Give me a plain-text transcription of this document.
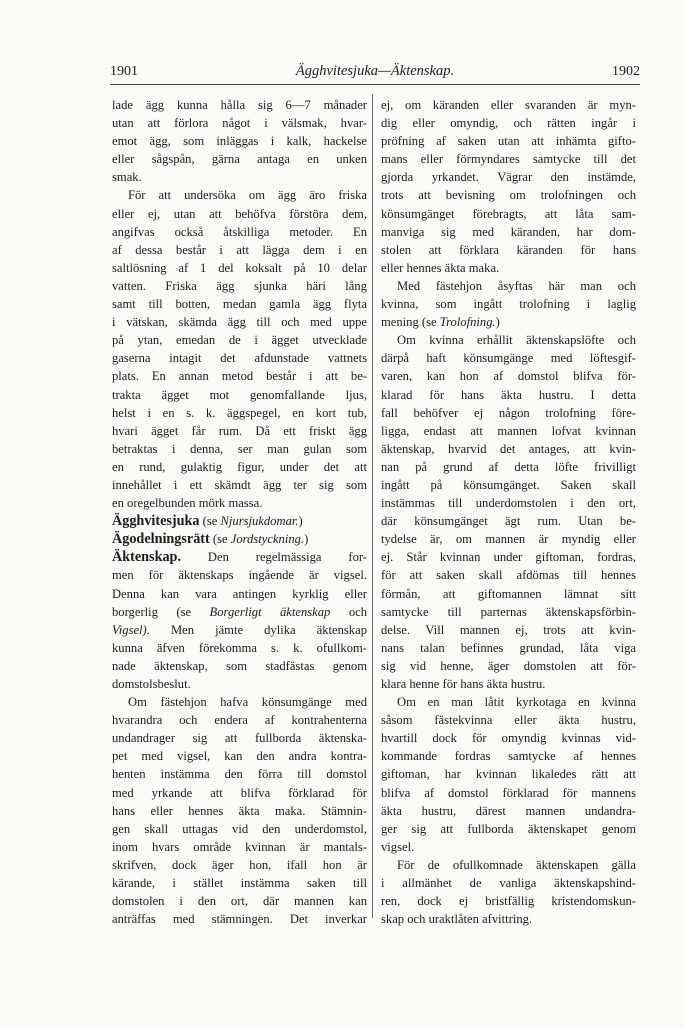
1901	Ägghvitesjuka—Äktenskap.	1902
lade ägg kunna hålla sig 6—7 månader
utan att förlora något i välsmak, hvar-
emot ägg, som inläggas i kalk, hackelse
eller sågspån, gärna antaga en unken
smak.
För att undersöka om ägg äro friska
eller ej, utan att behöfva förstöra dem,
angifvas också åtskilliga metoder. En
af dessa består i att lägga dem i en
saltlösning af 1 del koksalt på 10 delar
vatten. Friska ägg sjunka häri lång
samt till botten, medan gamla ägg flyta
i vätskan, skämda ägg till och med uppe
på ytan, emedan de i ägget utvecklade
gaserna intagit det afdunstade vattnets
plats. En annan metod består i att be-
trakta ägget mot genomfallande ljus,
helst i en s. k. äggspegel, en kort tub,
hvari ägget får rum. Då ett friskt ägg
betraktas i denna, ser man gulan som
en rund, gulaktig figur, under det att
innehållet i ett skämdt ägg ter sig som
en oregelbunden mörk massa.
Ägghvitesjuka (se Njursjukdomar.)
Ägodelningsrätt (se Jordstyckning.)
Äktenskap. Den regelmässiga for-
men för äktenskaps ingående är vigsel.
Denna kan vara antingen kyrklig eller
borgerlig (se Borgerligt äktenskap och
Vigsel). Men jämte dylika äktenskap
kunna äfven förekomma s. k. ofullkom-
nade äktenskap, som stadfästas genom
domstolsbeslut.
Om fästehjon hafva könsumgänge med
hvarandra och endera af kontrahenterna
undandrager sig att fullborda äktenska-
pet med vigsel, kan den andra kontra-
henten instämma den förra till domstol
med yrkande att blifva förklarad för
hans eller hennes äkta maka. Stämnin-
gen skall uttagas vid den underdomstol,
inom hvars område kvinnan är mantals-
skrifven, dock äger hon, ifall hon är
kärande, i stället instämma saken till
domstolen i den ort, där mannen kan
anträffas med stämningen. Det inverkar
ej, om käranden eller svaranden är myn-
dig eller omyndig, och rätten ingår i
pröfning af saken utan att inhämta gifto-
mans eller förmyndares samtycke till det
gjorda yrkandet. Vägrar den instämde,
trots att bevisning om trolofningen och
könsumgänget förebragts, att låta sam-
manviga sig med käranden, har dom-
stolen att förklara käranden för hans
eller hennes äkta maka.
Med fästehjon åsyftas här man och
kvinna, som ingått trolofning i laglig
mening (se Trolofning.)
Om kvinna erhållit äktenskapslöfte och
därpå haft könsumgänge med löftesgif-
varen, kan hon af domstol blifva för-
klarad för hans äkta hustru. I detta
fall behöfver ej någon trolofning före-
ligga, endast att mannen lofvat kvinnan
äktenskap, hvarvid det antages, att kvin-
nan på grund af detta löfte frivilligt
ingått på könsumgänget. Saken skall
instämmas till underdomstolen i den ort,
där könsumgänget ägt rum. Utan be-
tydelse är, om mannen är myndig eller
ej. Står kvinnan under giftoman, fordras,
för att saken skall afdömas till hennes
förmån, att giftomannen lämnat sitt
samtycke till parternas äktenskapsförbin-
delse. Vill mannen ej, trots att kvin-
nans talan befinnes grundad, låta viga
sig vid henne, äger domstolen att för-
klara henne för hans äkta hustru.
Om en man låtit kyrkotaga en kvinna
såsom fästekvinna eller äkta hustru,
hvartill dock för omyndig kvinnas vid-
kommande fordras samtycke af hennes
giftoman, har kvinnan likaledes rätt att
blifva af domstol förklarad för mannens
äkta hustru, därest mannen undandra-
ger sig att fullborda äktenskapet genom
vigsel.
För de ofullkomnade äktenskapen gälla
i allmänhet de vanliga äktenskapshind-
ren, dock ej bristfällig kristendomskun-
skap och uraktlåten afvittring.
